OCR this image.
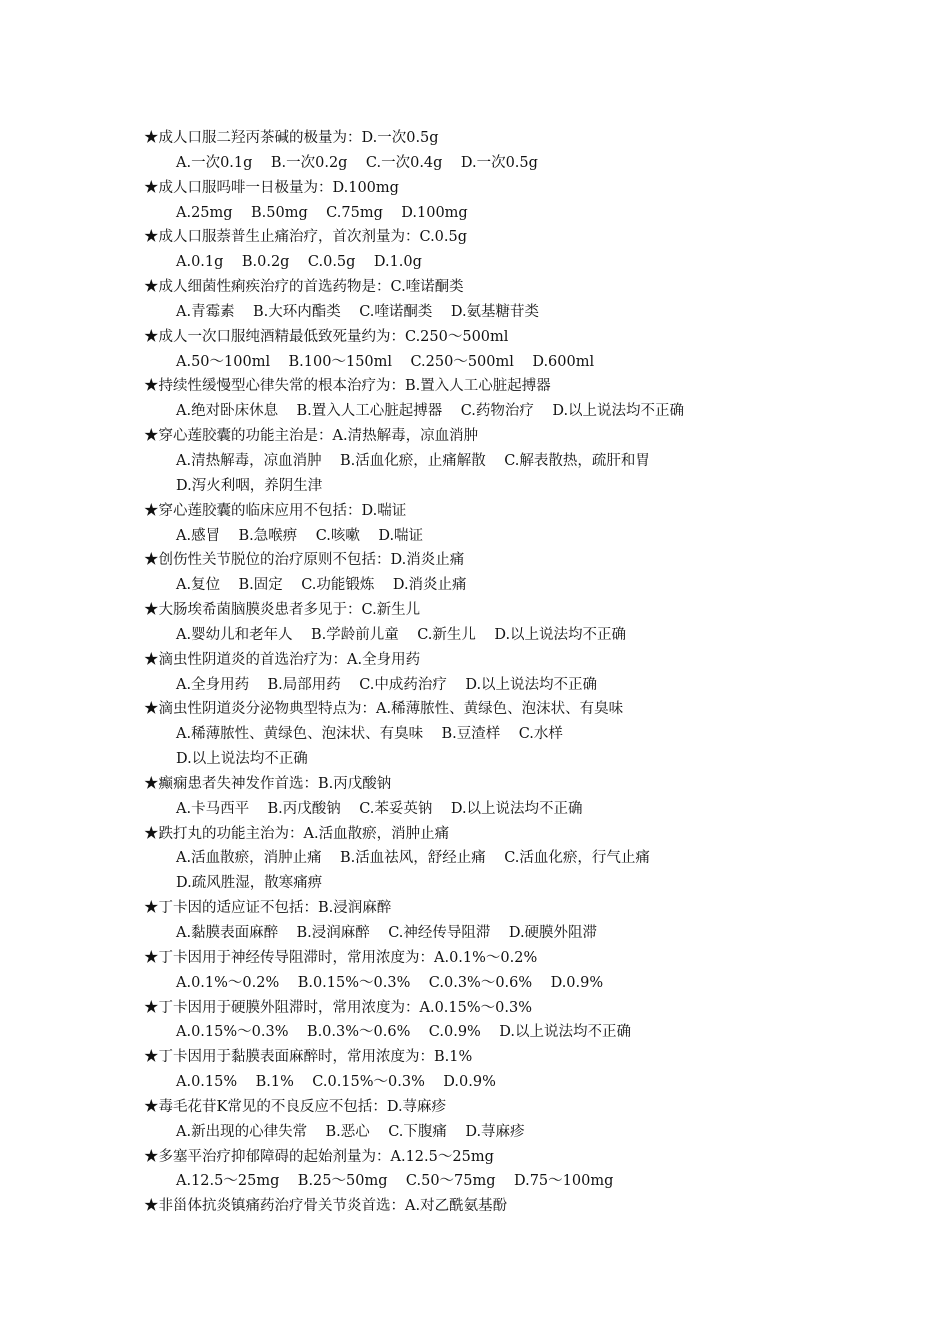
★成人口服二羟丙茶碱的极量为：D.一次0.5g
A.一次0.1g    B.一次0.2g    C.一次0.4g    D.一次0.5g
★成人口服吗啡一日极量为：D.100mg
A.25mg    B.50mg    C.75mg    D.100mg
★成人口服萘普生止痛治疗，首次剂量为：C.0.5g
A.0.1g    B.0.2g    C.0.5g    D.1.0g
★成人细菌性痢疾治疗的首选药物是：C.喹诺酮类
A.青霉素    B.大环内酯类    C.喹诺酮类    D.氨基糖苷类
★成人一次口服纯酒精最低致死量约为：C.250～500ml
A.50～100ml    B.100～150ml    C.250～500ml    D.600ml
★持续性缓慢型心律失常的根本治疗为：B.置入人工心脏起搏器
A.绝对卧床休息    B.置入人工心脏起搏器    C.药物治疗    D.以上说法均不正确
★穿心莲胶囊的功能主治是：A.清热解毒，凉血消肿
A.清热解毒，凉血消肿    B.活血化瘀，止痛解散    C.解表散热，疏肝和胃
D.泻火利咽，养阴生津
★穿心莲胶囊的临床应用不包括：D.喘证
A.感冒    B.急喉痹    C.咳嗽    D.喘证
★创伤性关节脱位的治疗原则不包括：D.消炎止痛
A.复位    B.固定    C.功能锻炼    D.消炎止痛
★大肠埃希菌脑膜炎患者多见于：C.新生儿
A.婴幼儿和老年人    B.学龄前儿童    C.新生儿    D.以上说法均不正确
★滴虫性阴道炎的首选治疗为：A.全身用药
A.全身用药    B.局部用药    C.中成药治疗    D.以上说法均不正确
★滴虫性阴道炎分泌物典型特点为：A.稀薄脓性、黄绿色、泡沫状、有臭味
A.稀薄脓性、黄绿色、泡沫状、有臭味    B.豆渣样    C.水样
D.以上说法均不正确
★癫痫患者失神发作首选：B.丙戊酸钠
A.卡马西平    B.丙戊酸钠    C.苯妥英钠    D.以上说法均不正确
★跌打丸的功能主治为：A.活血散瘀，消肿止痛
A.活血散瘀，消肿止痛    B.活血祛风，舒经止痛    C.活血化瘀，行气止痛
D.疏风胜湿，散寒痛痹
★丁卡因的适应证不包括：B.浸润麻醉
A.黏膜表面麻醉    B.浸润麻醉    C.神经传导阻滞    D.硬膜外阻滞
★丁卡因用于神经传导阻滞时，常用浓度为：A.0.1%～0.2%
A.0.1%～0.2%    B.0.15%～0.3%    C.0.3%～0.6%    D.0.9%
★丁卡因用于硬膜外阻滞时，常用浓度为：A.0.15%～0.3%
A.0.15%～0.3%    B.0.3%～0.6%    C.0.9%    D.以上说法均不正确
★丁卡因用于黏膜表面麻醉时，常用浓度为：B.1%
A.0.15%    B.1%    C.0.15%～0.3%    D.0.9%
★毒毛花苷K常见的不良反应不包括：D.荨麻疹
A.新出现的心律失常    B.恶心    C.下腹痛    D.荨麻疹
★多塞平治疗抑郁障碍的起始剂量为：A.12.5～25mg
A.12.5～25mg    B.25～50mg    C.50～75mg    D.75～100mg
★非甾体抗炎镇痛药治疗骨关节炎首选：A.对乙酰氨基酚
